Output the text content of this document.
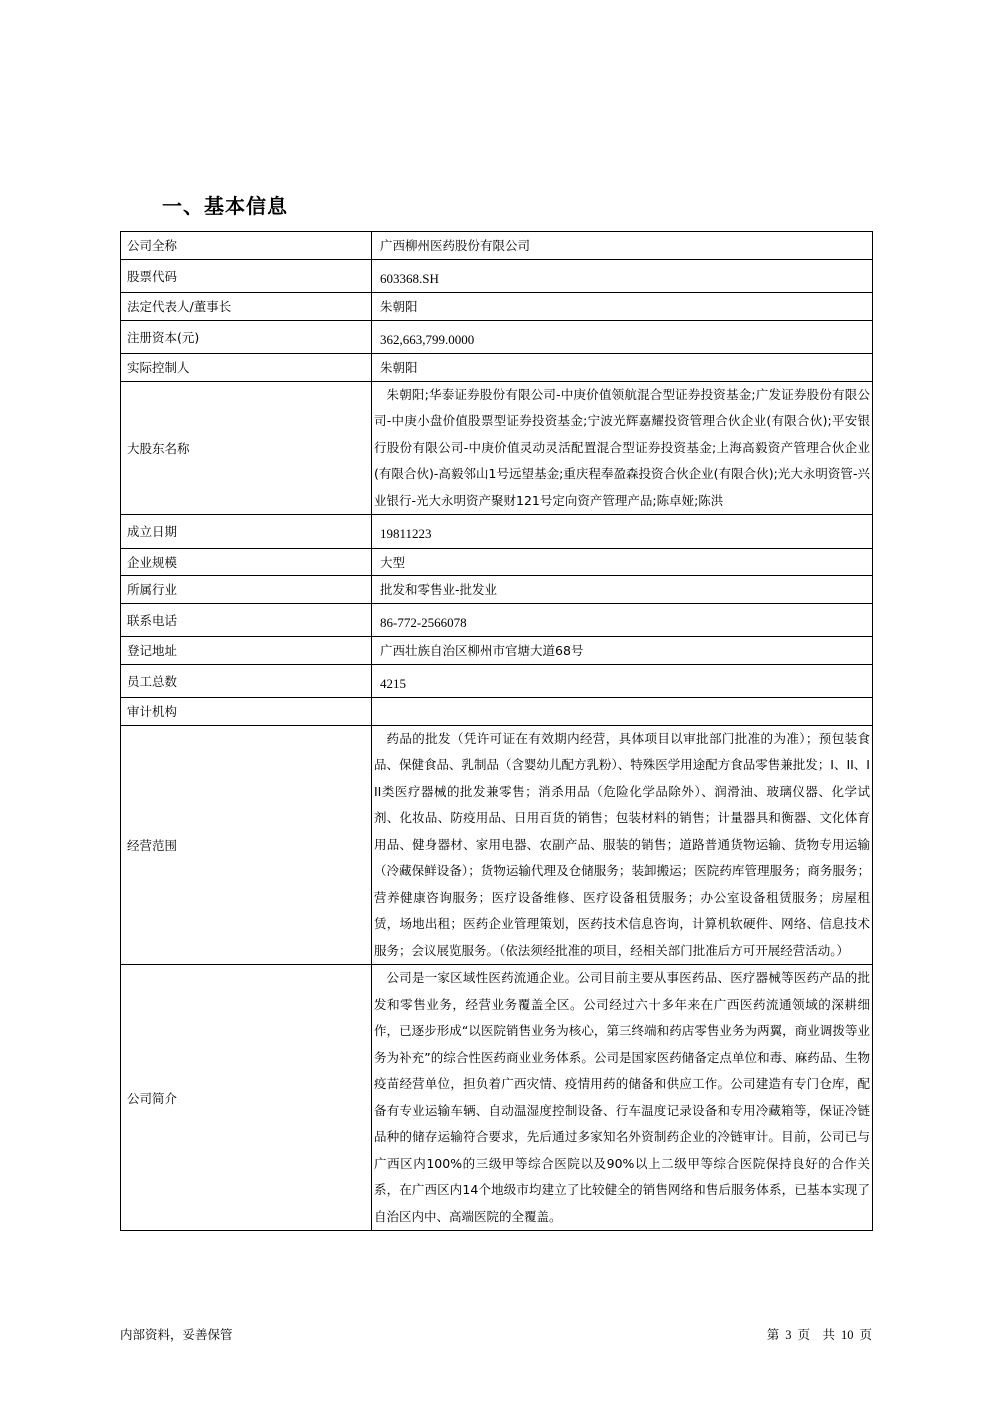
一、基本信息
公司全称	广西柳州医药股份有限公司
股票代码	603368.SH
法定代表人/董事长	朱朝阳
注册资本(元)	362,663,799.0000
实际控制人	朱朝阳
大股东名称	朱朝阳;华泰证券股份有限公司-中庚价值领航混合型证券投资基金;广发证券股份有限公司-中庚小盘价值股票型证券投资基金;宁波光辉嘉耀投资管理合伙企业(有限合伙);平安银行股份有限公司-中庚价值灵动灵活配置混合型证券投资基金;上海高毅资产管理合伙企业(有限合伙)-高毅邻山1号远望基金;重庆程奉盈森投资合伙企业(有限合伙);光大永明资管-兴业银行-光大永明资产聚财121号定向资产管理产品;陈卓娅;陈洪

成立日期	19811223
企业规模	大型
所属行业	批发和零售业-批发业
联系电话	86-772-2566078
登记地址	广西壮族自治区柳州市官塘大道68号
员工总数	4215
审计机构	
经营范围	药品的批发（凭许可证在有效期内经营，具体项目以审批部门批准的为准）；预包装食品、保健食品、乳制品（含婴幼儿配方乳粉）、特殊医学用途配方食品零售兼批发；I、II、III类医疗器械的批发兼零售；消杀用品（危险化学品除外）、润滑油、玻璃仪器、化学试剂、化妆品、防疫用品、日用百货的销售；包装材料的销售；计量器具和衡器、文化体育用品、健身器材、家用电器、农副产品、服装的销售；道路普通货物运输、货物专用运输（冷藏保鲜设备）；货物运输代理及仓储服务；装卸搬运；医院药库管理服务；商务服务；营养健康咨询服务；医疗设备维修、医疗设备租赁服务；办公室设备租赁服务；房屋租赁，场地出租；医药企业管理策划，医药技术信息咨询，计算机软硬件、网络、信息技术服务；会议展览服务。（依法须经批准的项目，经相关部门批准后方可开展经营活动。）

公司简介	公司是一家区域性医药流通企业。公司目前主要从事医药品、医疗器械等医药产品的批发和零售业务，经营业务覆盖全区。公司经过六十多年来在广西医药流通领域的深耕细作，已逐步形成“以医院销售业务为核心，第三终端和药店零售业务为两翼，商业调拨等业务为补充”的综合性医药商业业务体系。公司是国家医药储备定点单位和毒、麻药品、生物疫苗经营单位，担负着广西灾情、疫情用药的储备和供应工作。公司建造有专门仓库，配备有专业运输车辆、自动温湿度控制设备、行车温度记录设备和专用冷藏箱等，保证冷链品种的储存运输符合要求，先后通过多家知名外资制药企业的冷链审计。目前，公司已与广西区内100%的三级甲等综合医院以及90%以上二级甲等综合医院保持良好的合作关系，在广西区内14个地级市均建立了比较健全的销售网络和售后服务体系，已基本实现了自治区内中、高端医院的全覆盖。
内部资料，妥善保管	第 3 页　共 10 页
